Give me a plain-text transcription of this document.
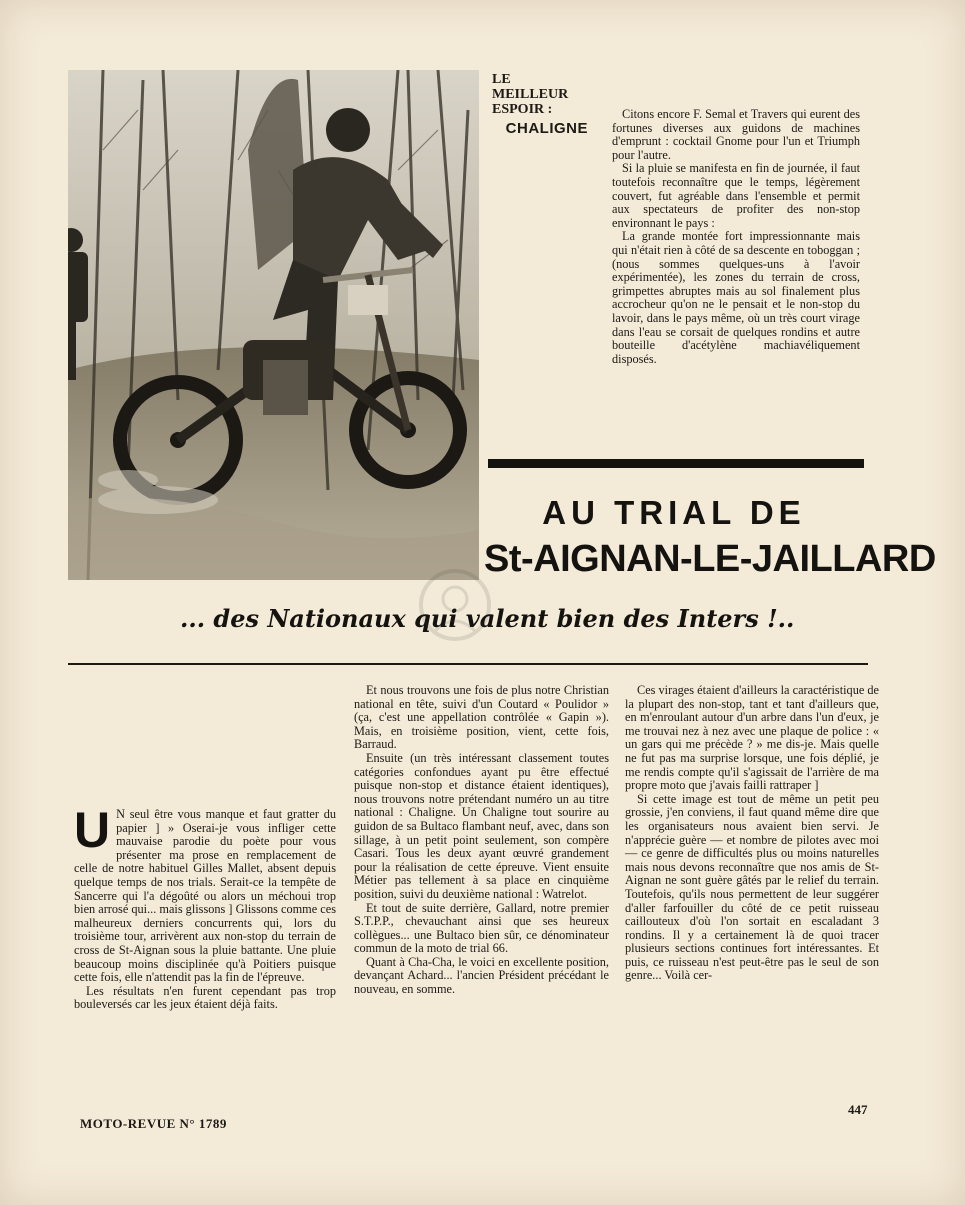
LE
MEILLEUR
ESPOIR :
CHALIGNE

Citons encore F. Semal et Travers qui eurent des fortunes diverses aux guidons de machines d'emprunt : cocktail Gnome pour l'un et Triumph pour l'autre.

Si la pluie se manifesta en fin de journée, il faut toutefois reconnaître que le temps, légèrement couvert, fut agréable dans l'ensemble et permit aux spectateurs de profiter des non-stop environnant le pays :

La grande montée fort impressionnante mais qui n'était rien à côté de sa descente en toboggan ; (nous sommes quelques-uns à l'avoir expérimentée), les zones du terrain de cross, grimpettes abruptes mais au sol finalement plus accrocheur qu'on ne le pensait et le non-stop du lavoir, dans le pays même, où un très court virage dans l'eau se corsait de quelques rondins et autre bouteille d'acétylène machiavéliquement disposés.

AU TRIAL DE
St-AIGNAN-LE-JAILLARD
... des Nationaux qui valent bien des Inters !..
U N seul être vous manque et faut gratter du papier ] » Oserai-je vous infliger cette mauvaise parodie du poète pour vous présenter ma prose en remplacement de celle de notre habituel Gilles Mallet, absent depuis quelque temps de nos trials. Serait-ce la tempête de Sancerre qui l'a dégoûté ou alors un méchoui trop bien arrosé qui... mais glissons ] Glissons comme ces malheureux derniers concurrents qui, lors du troisième tour, arrivèrent aux non-stop du terrain de cross de St-Aignan sous la pluie battante. Une pluie beaucoup moins disciplinée qu'à Poitiers puisque cette fois, elle n'attendit pas la fin de l'épreuve.

Les résultats n'en furent cependant pas trop bouleversés car les jeux étaient déjà faits.

Et nous trouvons une fois de plus notre Christian national en tête, suivi d'un Coutard « Poulidor » (ça, c'est une appellation contrôlée « Gapin »). Mais, en troisième position, vient, cette fois, Barraud.

Ensuite (un très intéressant classement toutes catégories confondues ayant pu être effectué puisque non-stop et distance étaient identiques), nous trouvons notre prétendant numéro un au titre national : Chaligne. Un Chaligne tout sourire au guidon de sa Bultaco flambant neuf, avec, dans son sillage, à un petit point seulement, son compère Casari. Tous les deux ayant œuvré grandement pour la réalisation de cette épreuve. Vient ensuite Métier pas tellement à sa place en cinquième position, suivi du deuxième national : Watrelot.

Et tout de suite derrière, Gallard, notre premier S.T.P.P., chevauchant ainsi que ses heureux collègues... une Bultaco bien sûr, ce dénominateur commun de la moto de trial 66.

Quant à Cha-Cha, le voici en excellente position, devançant Achard... l'ancien Président précédant le nouveau, en somme.

Ces virages étaient d'ailleurs la caractéristique de la plupart des non-stop, tant et tant d'ailleurs que, en m'enroulant autour d'un arbre dans l'un d'eux, je me trouvai nez à nez avec une plaque de police : « un gars qui me précède ? » me dis-je. Mais quelle ne fut pas ma surprise lorsque, une fois déplié, je me rendis compte qu'il s'agissait de l'arrière de ma propre moto que j'avais failli rattraper ]

Si cette image est tout de même un petit peu grossie, j'en conviens, il faut quand même dire que les organisateurs nous avaient bien servi. Je n'apprécie guère — et nombre de pilotes avec moi — ce genre de difficultés plus ou moins naturelles mais nous devons reconnaître que nos amis de St-Aignan ne sont guère gâtés par le relief du terrain. Toutefois, qu'ils nous permettent de leur suggérer d'aller farfouiller du côté de ce petit ruisseau caillouteux d'où l'on sortait en escaladant 3 rondins. Il y a certainement là de quoi tracer plusieurs sections continues fort intéressantes. Et puis, ce ruisseau n'est peut-être pas le seul de son genre... Voilà cer-

MOTO-REVUE N° 1789
447
